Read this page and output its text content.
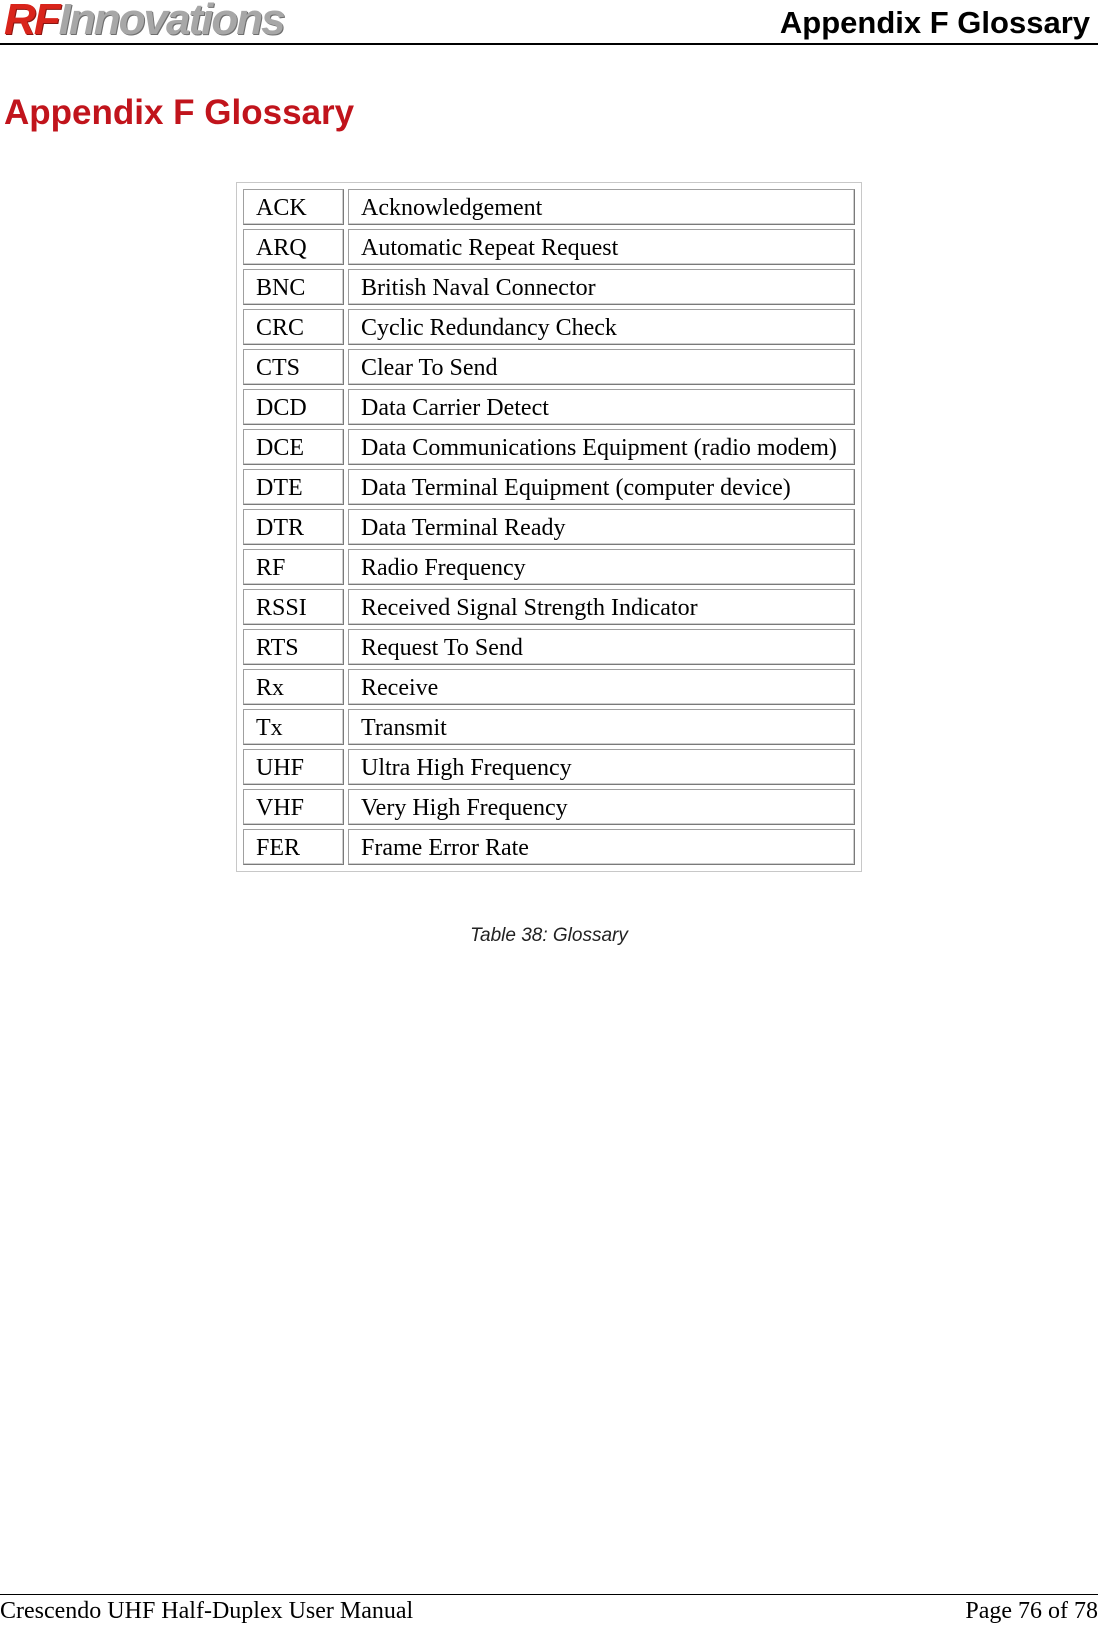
RFInnovations	Appendix F Glossary
Appendix F Glossary
ACK	Acknowledgement
ARQ	Automatic Repeat Request
BNC	British Naval Connector
CRC	Cyclic Redundancy Check
CTS	Clear To Send
DCD	Data Carrier Detect
DCE	Data Communications Equipment (radio modem)
DTE	Data Terminal Equipment (computer device)
DTR	Data Terminal Ready
RF	Radio Frequency
RSSI	Received Signal Strength Indicator
RTS	Request To Send
Rx	Receive
Tx	Transmit
UHF	Ultra High Frequency
VHF	Very High Frequency
FER	Frame Error Rate
Table 38: Glossary
Crescendo UHF Half-Duplex User Manual	Page 76 of 78
